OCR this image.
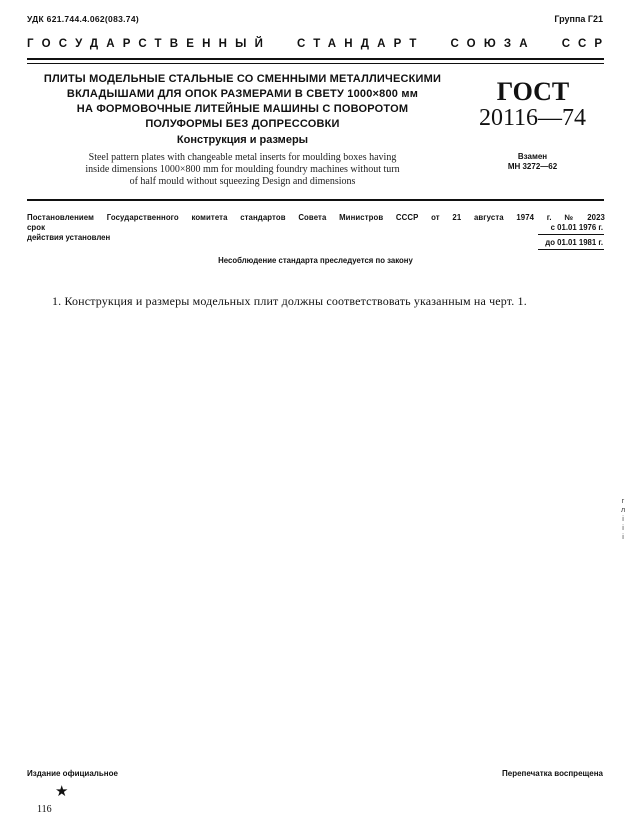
УДК 621.744.4.062(083.74)	Группа Г21
ГОСУДАРСТВЕННЫЙ СТАНДАРТ СОЮЗА ССР
ПЛИТЫ МОДЕЛЬНЫЕ СТАЛЬНЫЕ СО СМЕННЫМИ МЕТАЛЛИЧЕСКИМИ
ВКЛАДЫШАМИ ДЛЯ ОПОК РАЗМЕРАМИ В СВЕТУ 1000×800 мм
НА ФОРМОВОЧНЫЕ ЛИТЕЙНЫЕ МАШИНЫ С ПОВОРОТОМ
ПОЛУФОРМЫ БЕЗ ДОПРЕССОВКИ
Конструкция и размеры
Steel pattern plates with changeable metal inserts for moulding boxes having
inside dimensions 1000×800 mm for moulding foundry machines without turn
of half mould without squeezing Design and dimensions
ГОСТ
20116—74
Взамен
МН 3272—62
Постановлением Государственного комитета стандартов Совета Министров СССР от 21 августа 1974 г. № 2023 срок
действия установлен
с 01.01 1976 г.
до 01.01 1981 г.
Несоблюдение стандарта преследуется по закону
1. Конструкция и размеры модельных плит должны соответствовать указанным на черт. 1.
г
л
і
і
і
Издание официальное	Перепечатка воспрещена
★
116
